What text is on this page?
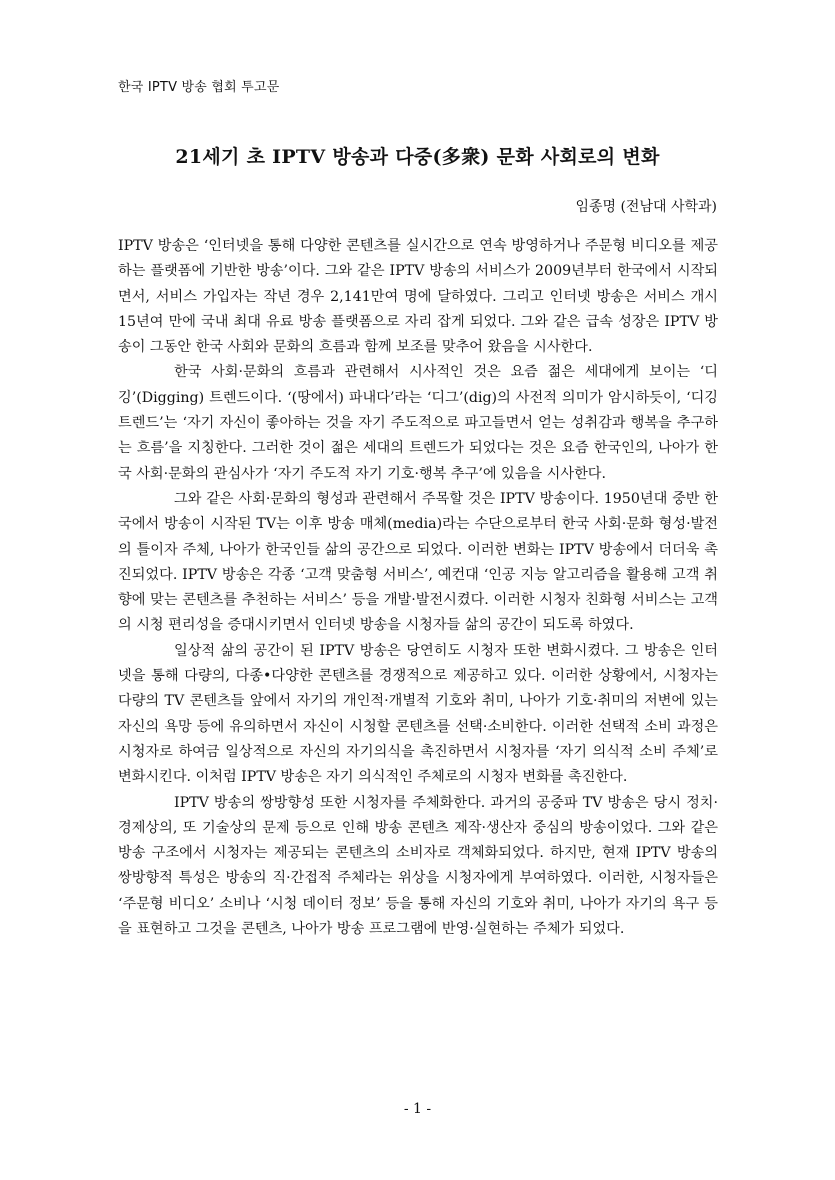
한국 IPTV 방송 협회 투고문
21세기 초 IPTV 방송과 다중(多衆) 문화 사회로의 변화
임종명 (전남대 사학과)

IPTV 방송은 ‘인터넷을 통해 다양한 콘텐츠를 실시간으로 연속 방영하거나 주문형 비디오를 제공하는 플랫폼에 기반한 방송’이다. 그와 같은 IPTV 방송의 서비스가 2009년부터 한국에서 시작되면서, 서비스 가입자는 작년 경우 2,141만여 명에 달하였다. 그리고 인터넷 방송은 서비스 개시 15년여 만에 국내 최대 유료 방송 플랫폼으로 자리 잡게 되었다. 그와 같은 급속 성장은 IPTV 방송이 그동안 한국 사회와 문화의 흐름과 함께 보조를 맞추어 왔음을 시사한다.

한국 사회·문화의 흐름과 관련해서 시사적인 것은 요즘 젊은 세대에게 보이는 ‘디깅’(Digging) 트렌드이다. ‘(땅에서) 파내다’라는 ‘디그’(dig)의 사전적 의미가 암시하듯이, ‘디깅 트렌드’는 ‘자기 자신이 좋아하는 것을 자기 주도적으로 파고들면서 얻는 성취감과 행복을 추구하는 흐름’을 지칭한다. 그러한 것이 젊은 세대의 트렌드가 되었다는 것은 요즘 한국인의, 나아가 한국 사회·문화의 관심사가 ‘자기 주도적 자기 기호·행복 추구’에 있음을 시사한다.

그와 같은 사회·문화의 형성과 관련해서 주목할 것은 IPTV 방송이다. 1950년대 중반 한국에서 방송이 시작된 TV는 이후 방송 매체(media)라는 수단으로부터 한국 사회·문화 형성·발전의 틀이자 주체, 나아가 한국인들 삶의 공간으로 되었다. 이러한 변화는 IPTV 방송에서 더더욱 촉진되었다. IPTV 방송은 각종 ‘고객 맞춤형 서비스’, 예컨대 ‘인공 지능 알고리즘을 활용해 고객 취향에 맞는 콘텐츠를 추천하는 서비스’ 등을 개발·발전시켰다. 이러한 시청자 친화형 서비스는 고객의 시청 편리성을 증대시키면서 인터넷 방송을 시청자들 삶의 공간이 되도록 하였다.

일상적 삶의 공간이 된 IPTV 방송은 당연히도 시청자 또한 변화시켰다. 그 방송은 인터넷을 통해 다량의, 다종•다양한 콘텐츠를 경쟁적으로 제공하고 있다. 이러한 상황에서, 시청자는 다량의 TV 콘텐츠들 앞에서 자기의 개인적·개별적 기호와 취미, 나아가 기호·취미의 저변에 있는 자신의 욕망 등에 유의하면서 자신이 시청할 콘텐츠를 선택·소비한다. 이러한 선택적 소비 과정은 시청자로 하여금 일상적으로 자신의 자기의식을 촉진하면서 시청자를 ‘자기 의식적 소비 주체’로 변화시킨다. 이처럼 IPTV 방송은 자기 의식적인 주체로의 시청자 변화를 촉진한다.

IPTV 방송의 쌍방향성 또한 시청자를 주체화한다. 과거의 공중파 TV 방송은 당시 정치·경제상의, 또 기술상의 문제 등으로 인해 방송 콘텐츠 제작·생산자 중심의 방송이었다. 그와 같은 방송 구조에서 시청자는 제공되는 콘텐츠의 소비자로 객체화되었다. 하지만, 현재 IPTV 방송의 쌍방향적 특성은 방송의 직·간접적 주체라는 위상을 시청자에게 부여하였다. 이러한, 시청자들은 ‘주문형 비디오’ 소비나 ‘시청 데이터 정보’ 등을 통해 자신의 기호와 취미, 나아가 자기의 욕구 등을 표현하고 그것을 콘텐츠, 나아가 방송 프로그램에 반영·실현하는 주체가 되었다.

- 1 -
